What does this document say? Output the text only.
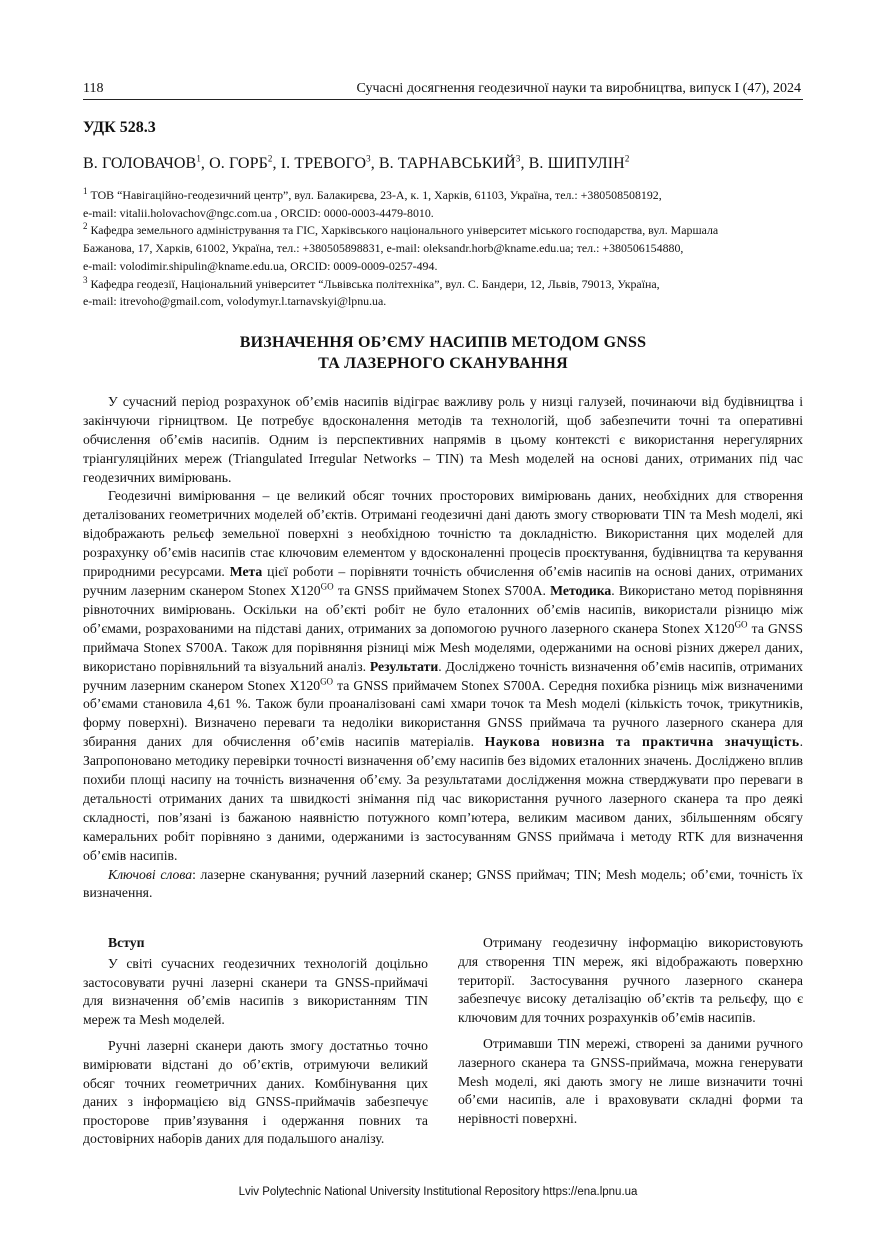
118	Сучасні досягнення геодезичної науки та виробництва, випуск I (47), 2024
УДК 528.3
В. ГОЛОВАЧОВ$^1$, О. ГОРБ$^2$, І. ТРЕВОГО$^3$, В. ТАРНАВСЬКИЙ$^3$, В. ШИПУЛІН$^2$
$^1$ ТОВ “Навігаційно-геодезичний центр”, вул. Балакирєва, 23-А, к. 1, Харків, 61103, Україна, тел.: +380508508192,
e-mail: vitalii.holovachov@ngc.com.ua , ORCID: 0000-0003-4479-8010.
$^2$ Кафедра земельного адміністрування та ГІС, Харківського національного університет міського господарства, вул. Маршала
Бажанова, 17, Харків, 61002, Україна, тел.: +380505898831, e-mail: oleksandr.horb@kname.edu.ua; тел.: +380506154880,
e-mail: volodimir.shipulin@kname.edu.ua, ORCID: 0009-0009-0257-494.
$^3$ Кафедра геодезії, Національний університет “Львівська політехніка”, вул. С. Бандери, 12, Львів, 79013, Україна,
e-mail: itrevoho@gmail.com, volodymyr.l.tarnavskyi@lpnu.ua.
ВИЗНАЧЕННЯ ОБ’ЄМУ НАСИПІВ МЕТОДОМ GNSS
ТА ЛАЗЕРНОГО СКАНУВАННЯ

У сучасний період розрахунок об’ємів насипів відіграє важливу роль у низці галузей, починаючи від будівництва і закінчуючи гірництвом. Це потребує вдосконалення методів та технологій, щоб забезпечити точні та оперативні обчислення об’ємів насипів. Одним із перспективних напрямів в цьому контексті є використання нерегулярних тріангуляційних мереж (Triangulated Irregular Networks – TIN) та Mesh моделей на основі даних, отриманих під час геодезичних вимірювань.

Геодезичні вимірювання – це великий обсяг точних просторових вимірювань даних, необхідних для створення деталізованих геометричних моделей об’єктів. Отримані геодезичні дані дають змогу створювати TIN та Mesh моделі, які відображають рельєф земельної поверхні з необхідною точністю та докладністю. Використання цих моделей для розрахунку об’ємів насипів стає ключовим елементом у вдосконаленні процесів проєктування, будівництва та керування природними ресурсами. Мета цієї роботи – порівняти точність обчислення об’ємів насипів на основі даних, отриманих ручним лазерним сканером Stonex $X120^{GO}$ та GNSS приймачем Stonex S700A. Методика. Використано метод порівняння рівноточних вимірювань. Оскільки на об’єкті робіт не було еталонних об’ємів насипів, використали різницю між об’ємами, розрахованими на підставі даних, отриманих за допомогою ручного лазерного сканера Stonex $X120^{GO}$ та GNSS приймача Stonex S700A. Також для порівняння різниці між Mesh моделями, одержаними на основі різних джерел даних, використано порівняльний та візуальний аналіз. Результати. Досліджено точність визначення об’ємів насипів, отриманих ручним лазерним сканером Stonex $X120^{GO}$ та GNSS приймачем Stonex S700A. Середня похибка різниць між визначеними об’ємами становила 4,61 %. Також були проаналізовані самі хмари точок та Mesh моделі (кількість точок, трикутників, форму поверхні). Визначено переваги та недоліки використання GNSS приймача та ручного лазерного сканера для збирання даних для обчислення об’ємів насипів матеріалів. Наукова новизна та практична значущість. Запропоновано методику перевірки точності визначення об’єму насипів без відомих еталонних значень. Досліджено вплив похиби площі насипу на точність визначення об’єму. За результатами дослідження можна стверджувати про переваги в детальності отриманих даних та швидкості знімання під час використання ручного лазерного сканера та про деякі складності, пов’язані із бажаною наявністю потужного комп’ютера, великим масивом даних, збільшенням обсягу камеральних робіт порівняно з даними, одержаними із застосуванням GNSS приймача і методу RTK для визначення об’ємів насипів.

Ключові слова: лазерне сканування; ручний лазерний сканер; GNSS приймач; TIN; Mesh модель; об’єми, точність їх визначення.

Вступ

У світі сучасних геодезичних технологій доцільно застосовувати ручні лазерні сканери та GNSS-приймачі для визначення об’ємів насипів з використанням TIN мереж та Mesh моделей.

Ручні лазерні сканери дають змогу достатньо точно вимірювати відстані до об’єктів, отримуючи великий обсяг точних геометричних даних. Комбінування цих даних з інформацією від GNSS-приймачів забезпечує просторове прив’язування і одержання повних та достовірних наборів даних для подальшого аналізу.

Отриману геодезичну інформацію використовують для створення TIN мереж, які відображають поверхню території. Застосування ручного лазерного сканера забезпечує високу деталізацію об’єктів та рельєфу, що є ключовим для точних розрахунків об’ємів насипів.

Отримавши TIN мережі, створені за даними ручного лазерного сканера та GNSS-приймача, можна генерувати Mesh моделі, які дають змогу не лише визначити точні об’єми насипів, але і враховувати складні форми та нерівності поверхні.

Lviv Polytechnic National University Institutional Repository https://ena.lpnu.ua
